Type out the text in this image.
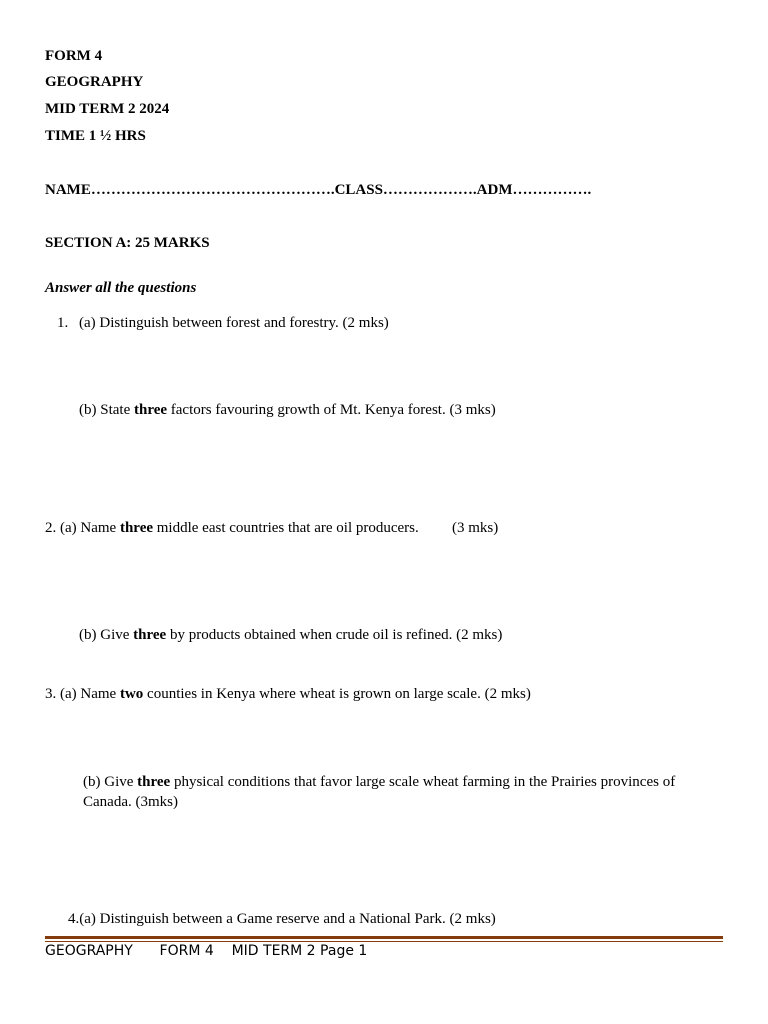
FORM 4
GEOGRAPHY
MID TERM 2 2024
TIME 1 ½ HRS
NAME………………………………………….CLASS……………….ADM…………….
SECTION A: 25 MARKS
Answer all the questions
1. (a) Distinguish between forest and forestry. (2 mks)
(b) State three factors favouring growth of Mt. Kenya forest. (3 mks)
2. (a) Name three middle east countries that are oil producers. (3 mks)
(b) Give three by products obtained when crude oil is refined. (2 mks)
3. (a) Name two counties in Kenya where wheat is grown on large scale. (2 mks)
(b) Give three physical conditions that favor large scale wheat farming in the Prairies provinces of Canada. (3mks)
4.(a) Distinguish between a Game reserve and a National Park. (2 mks)
GEOGRAPHY FORM 4 MID TERM 2 Page 1
